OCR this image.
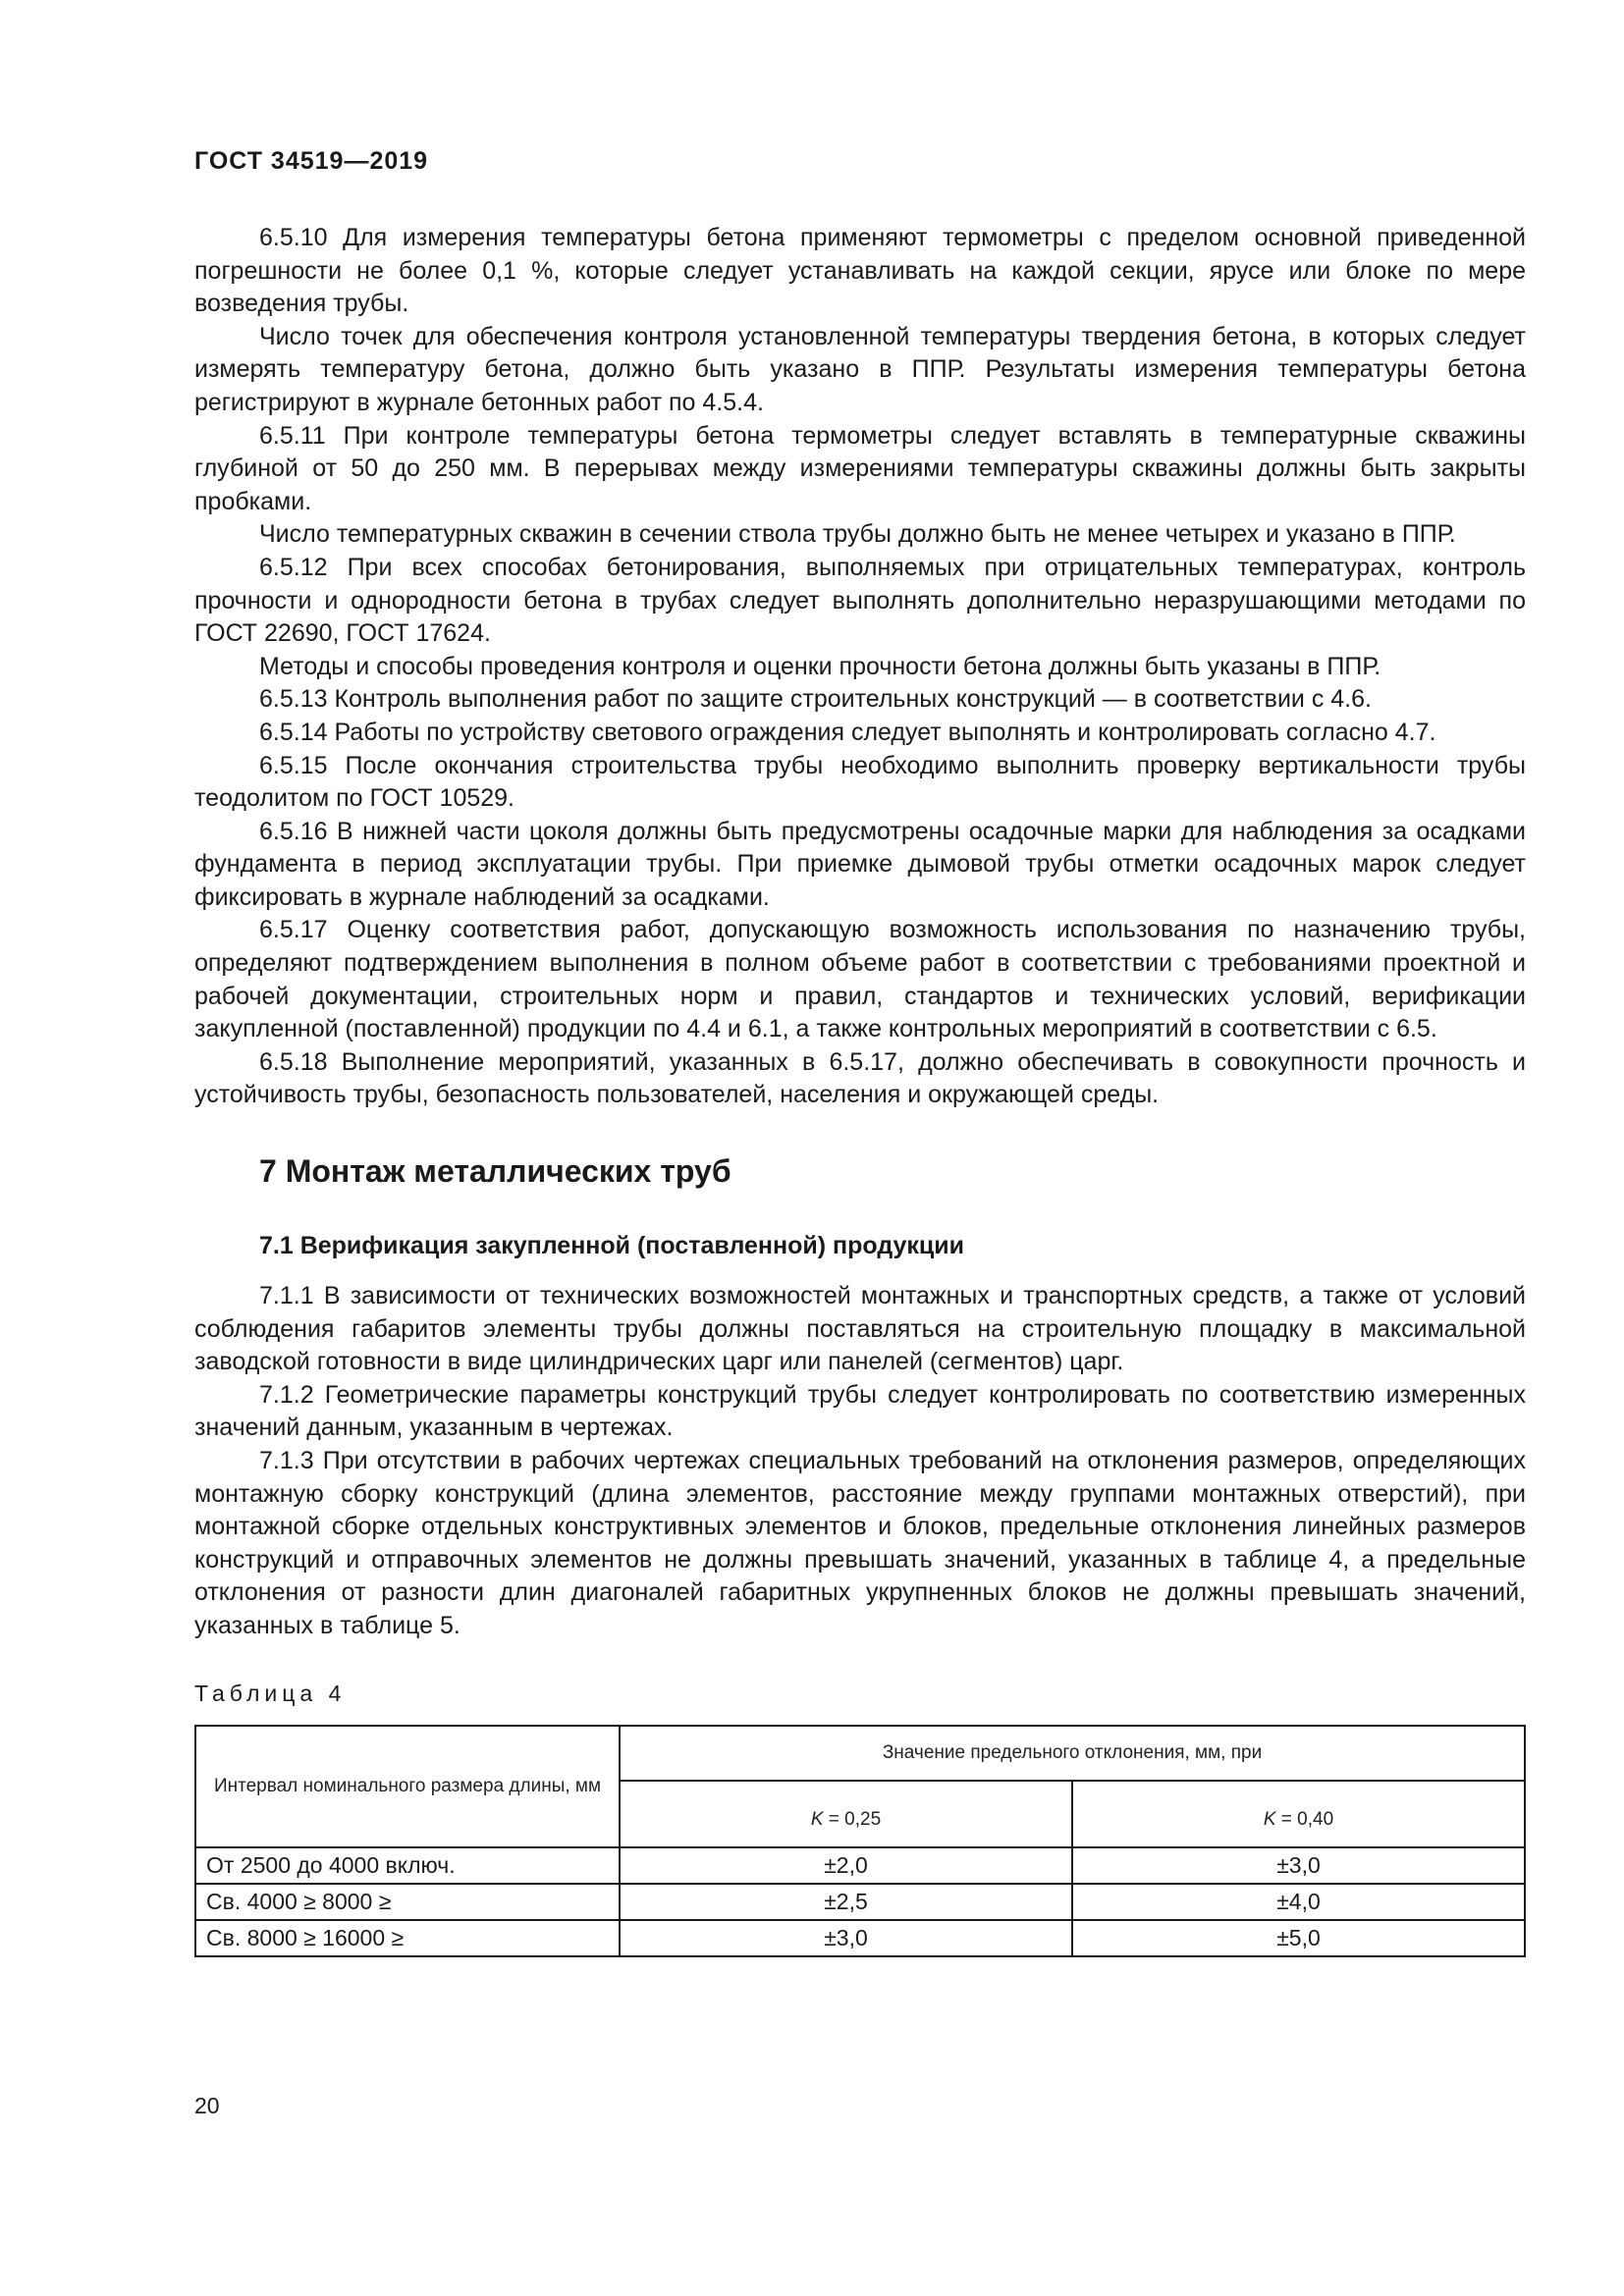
ГОСТ 34519—2019

6.5.10 Для измерения температуры бетона применяют термометры с пределом основной приведенной погрешности не более 0,1 %, которые следует устанавливать на каждой секции, ярусе или блоке по мере возведения трубы.

Число точек для обеспечения контроля установленной температуры твердения бетона, в которых следует измерять температуру бетона, должно быть указано в ППР. Результаты измерения температуры бетона регистрируют в журнале бетонных работ по 4.5.4.

6.5.11 При контроле температуры бетона термометры следует вставлять в температурные скважины глубиной от 50 до 250 мм. В перерывах между измерениями температуры скважины должны быть закрыты пробками.

Число температурных скважин в сечении ствола трубы должно быть не менее четырех и указано в ППР.

6.5.12 При всех способах бетонирования, выполняемых при отрицательных температурах, контроль прочности и однородности бетона в трубах следует выполнять дополнительно неразрушающими методами по ГОСТ 22690, ГОСТ 17624.

Методы и способы проведения контроля и оценки прочности бетона должны быть указаны в ППР.

6.5.13 Контроль выполнения работ по защите строительных конструкций — в соответствии с 4.6.

6.5.14 Работы по устройству светового ограждения следует выполнять и контролировать согласно 4.7.

6.5.15 После окончания строительства трубы необходимо выполнить проверку вертикальности трубы теодолитом по ГОСТ 10529.

6.5.16 В нижней части цоколя должны быть предусмотрены осадочные марки для наблюдения за осадками фундамента в период эксплуатации трубы. При приемке дымовой трубы отметки осадочных марок следует фиксировать в журнале наблюдений за осадками.

6.5.17 Оценку соответствия работ, допускающую возможность использования по назначению трубы, определяют подтверждением выполнения в полном объеме работ в соответствии с требованиями проектной и рабочей документации, строительных норм и правил, стандартов и технических условий, верификации закупленной (поставленной) продукции по 4.4 и 6.1, а также контрольных мероприятий в соответствии с 6.5.

6.5.18 Выполнение мероприятий, указанных в 6.5.17, должно обеспечивать в совокупности прочность и устойчивость трубы, безопасность пользователей, населения и окружающей среды.

7 Монтаж металлических труб
7.1 Верификация закупленной (поставленной) продукции

7.1.1 В зависимости от технических возможностей монтажных и транспортных средств, а также от условий соблюдения габаритов элементы трубы должны поставляться на строительную площадку в максимальной заводской готовности в виде цилиндрических царг или панелей (сегментов) царг.

7.1.2 Геометрические параметры конструкций трубы следует контролировать по соответствию измеренных значений данным, указанным в чертежах.

7.1.3 При отсутствии в рабочих чертежах специальных требований на отклонения размеров, определяющих монтажную сборку конструкций (длина элементов, расстояние между группами монтажных отверстий), при монтажной сборке отдельных конструктивных элементов и блоков, предельные отклонения линейных размеров конструкций и отправочных элементов не должны превышать значений, указанных в таблице 4, а предельные отклонения от разности длин диагоналей габаритных укрупненных блоков не должны превышать значений, указанных в таблице 5.

Таблица 4
Интервал номинального размера длины, мм	Значение предельного отклонения, мм, при	
	K = 0,25	K = 0,40
От 2500 до 4000 включ.	±2,0	±3,0
Св. 4000 ≥ 8000 ≥	±2,5	±4,0
Св. 8000 ≥ 16000 ≥	±3,0	±5,0
20
